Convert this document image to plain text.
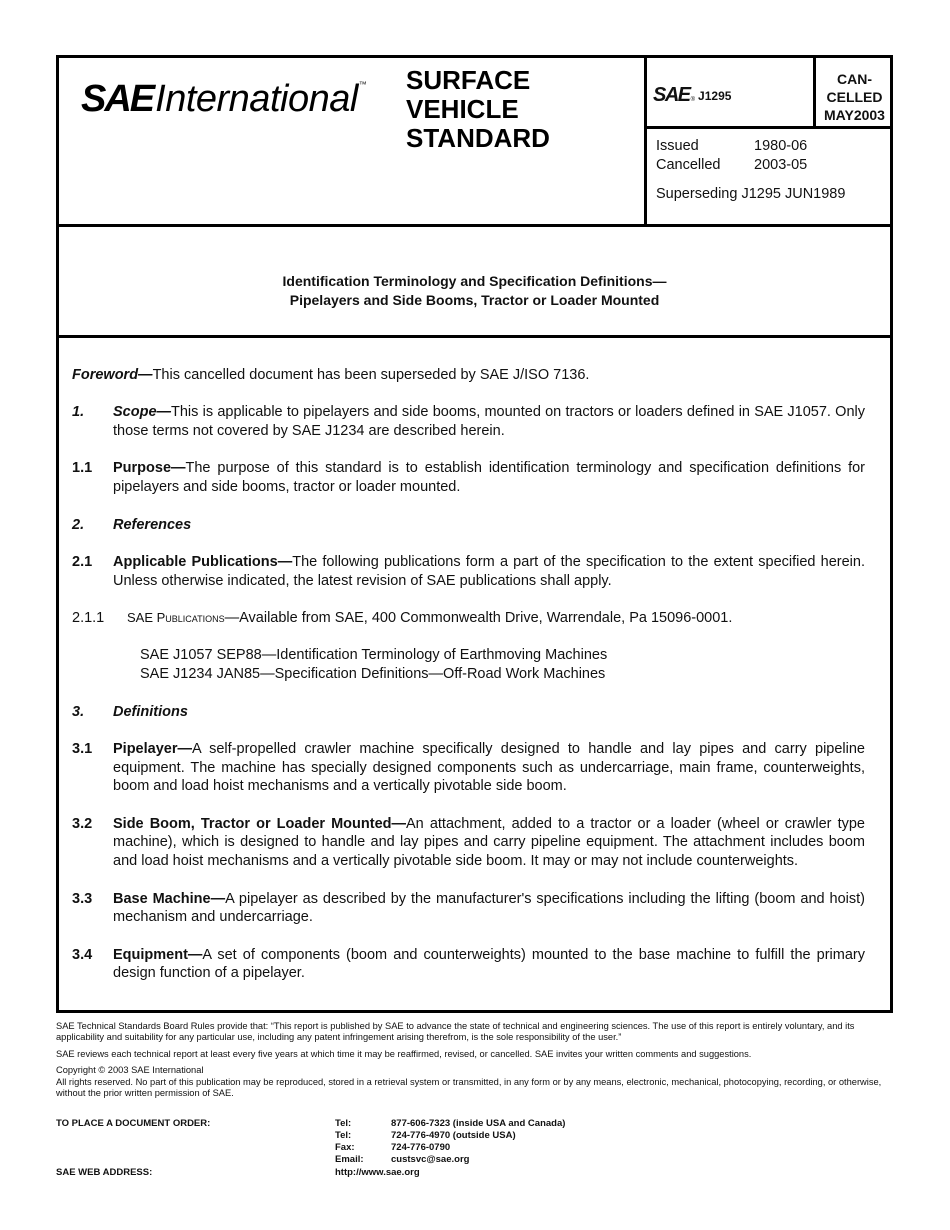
SAE International ™ SURFACE
VEHICLE
STANDARD
SAE ® J1295
CAN-
CELLED
MAY2003
Issued	1980-06
Cancelled	2003-05
Superseding J1295 JUN1989
Identification Terminology and Specification Definitions—
Pipelayers and Side Booms, Tractor or Loader Mounted

Foreword—This cancelled document has been superseded by SAE J/ISO 7136.

1.	Scope—This is applicable to pipelayers and side booms, mounted on tractors or loaders defined in SAE J1057. Only those terms not covered by SAE J1234 are described herein.
1.1	Purpose—The purpose of this standard is to establish identification terminology and specification definitions for pipelayers and side booms, tractor or loader mounted.
2.	References
2.1	Applicable Publications—The following publications form a part of the specification to the extent specified herein. Unless otherwise indicated, the latest revision of SAE publications shall apply.
2.1.1	SAE Publications—Available from SAE, 400 Commonwealth Drive, Warrendale, Pa 15096-0001.
SAE J1057 SEP88—Identification Terminology of Earthmoving Machines
SAE J1234 JAN85—Specification Definitions—Off-Road Work Machines
3.	Definitions
3.1	Pipelayer—A self-propelled crawler machine specifically designed to handle and lay pipes and carry pipeline equipment. The machine has specially designed components such as undercarriage, main frame, counterweights, boom and load hoist mechanisms and a vertically pivotable side boom.
3.2	Side Boom, Tractor or Loader Mounted—An attachment, added to a tractor or a loader (wheel or crawler type machine), which is designed to handle and lay pipes and carry pipeline equipment. The attachment includes boom and load hoist mechanisms and a vertically pivotable side boom. It may or may not include counterweights.
3.3	Base Machine—A pipelayer as described by the manufacturer's specifications including the lifting (boom and hoist) mechanism and undercarriage.
3.4	Equipment—A set of components (boom and counterweights) mounted to the base machine to fulfill the primary design function of a pipelayer.

SAE Technical Standards Board Rules provide that: “This report is published by SAE to advance the state of technical and engineering sciences. The use of this report is entirely voluntary, and its applicability and suitability for any particular use, including any patent infringement arising therefrom, is the sole responsibility of the user.”

SAE reviews each technical report at least every five years at which time it may be reaffirmed, revised, or cancelled. SAE invites your written comments and suggestions.

Copyright © 2003 SAE International
All rights reserved. No part of this publication may be reproduced, stored in a retrieval system or transmitted, in any form or by any means, electronic, mechanical, photocopying, recording, or otherwise, without the prior written permission of SAE.
TO PLACE A DOCUMENT ORDER:	Tel:	877-606-7323 (inside USA and Canada)
Tel:	724-776-4970 (outside USA)
Fax:	724-776-0790
Email:	custsvc@sae.org
SAE WEB ADDRESS:	http://www.sae.org
